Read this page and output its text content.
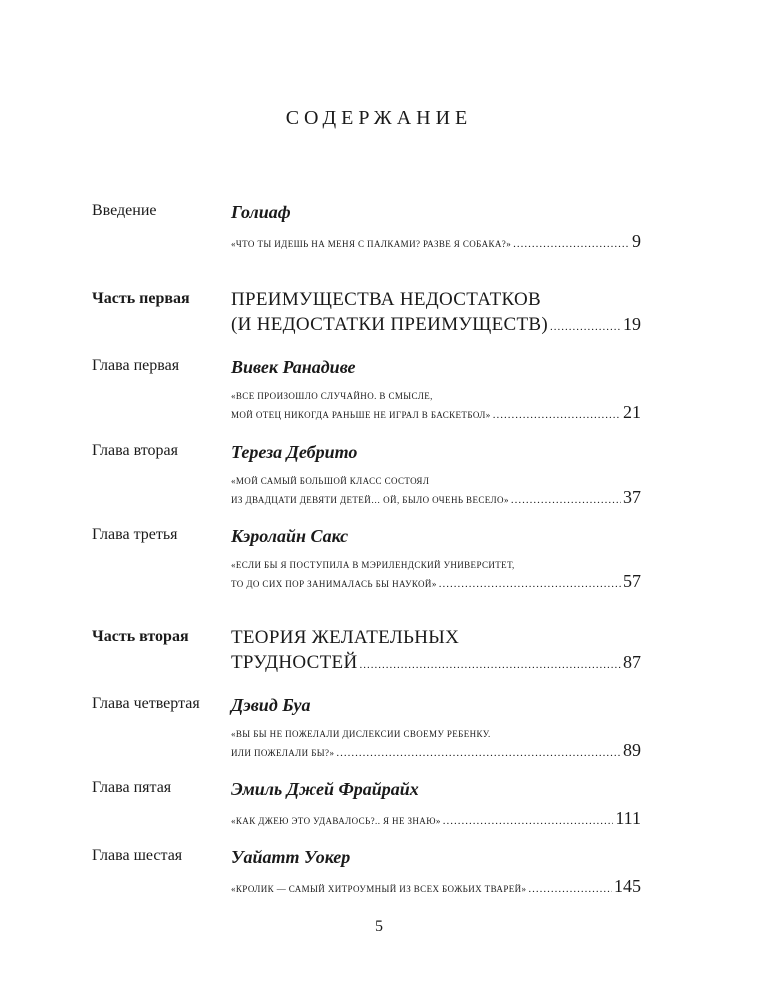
СОДЕРЖАНИЕ
Введение	Голиаф
«ЧТО ТЫ ИДЕШЬ НА МЕНЯ С ПАЛКАМИ? РАЗВЕ Я СОБАКА?» .....	9
Часть первая ПРЕИМУЩЕСТВА НЕДОСТАТКОВ
(И НЕДОСТАТКИ ПРЕИМУЩЕСТВ) .....	19
Глава первая	Вивек Ранадиве
«ВСЕ ПРОИЗОШЛО СЛУЧАЙНО. В СМЫСЛЕ,
МОЙ ОТЕЦ НИКОГДА РАНЬШЕ НЕ ИГРАЛ В БАСКЕТБОЛ» .....	21
Глава вторая	Тереза Дебрито
«МОЙ САМЫЙ БОЛЬШОЙ КЛАСС СОСТОЯЛ
ИЗ ДВАДЦАТИ ДЕВЯТИ ДЕТЕЙ… ОЙ, БЫЛО ОЧЕНЬ ВЕСЕЛО» .....	37
Глава третья	Кэролайн Сакс
«ЕСЛИ БЫ Я ПОСТУПИЛА В МЭРИЛЕНДСКИЙ УНИВЕРСИТЕТ,
ТО ДО СИХ ПОР ЗАНИМАЛАСЬ БЫ НАУКОЙ» .....	57
Часть вторая ТЕОРИЯ ЖЕЛАТЕЛЬНЫХ
ТРУДНОСТЕЙ .....	87
Глава четвертая Дэвид Буа
«ВЫ БЫ НЕ ПОЖЕЛАЛИ ДИСЛЕКСИИ СВОЕМУ РЕБЕНКУ.
ИЛИ ПОЖЕЛАЛИ БЫ?» .....	89
Глава пятая	Эмиль Джей Фрайрайх
«КАК ДЖЕЮ ЭТО УДАВАЛОСЬ?.. Я НЕ ЗНАЮ» .....	111
Глава шестая	Уайатт Уокер
«КРОЛИК — САМЫЙ ХИТРОУМНЫЙ ИЗ ВСЕХ БОЖЬИХ ТВАРЕЙ» .....	145
5
